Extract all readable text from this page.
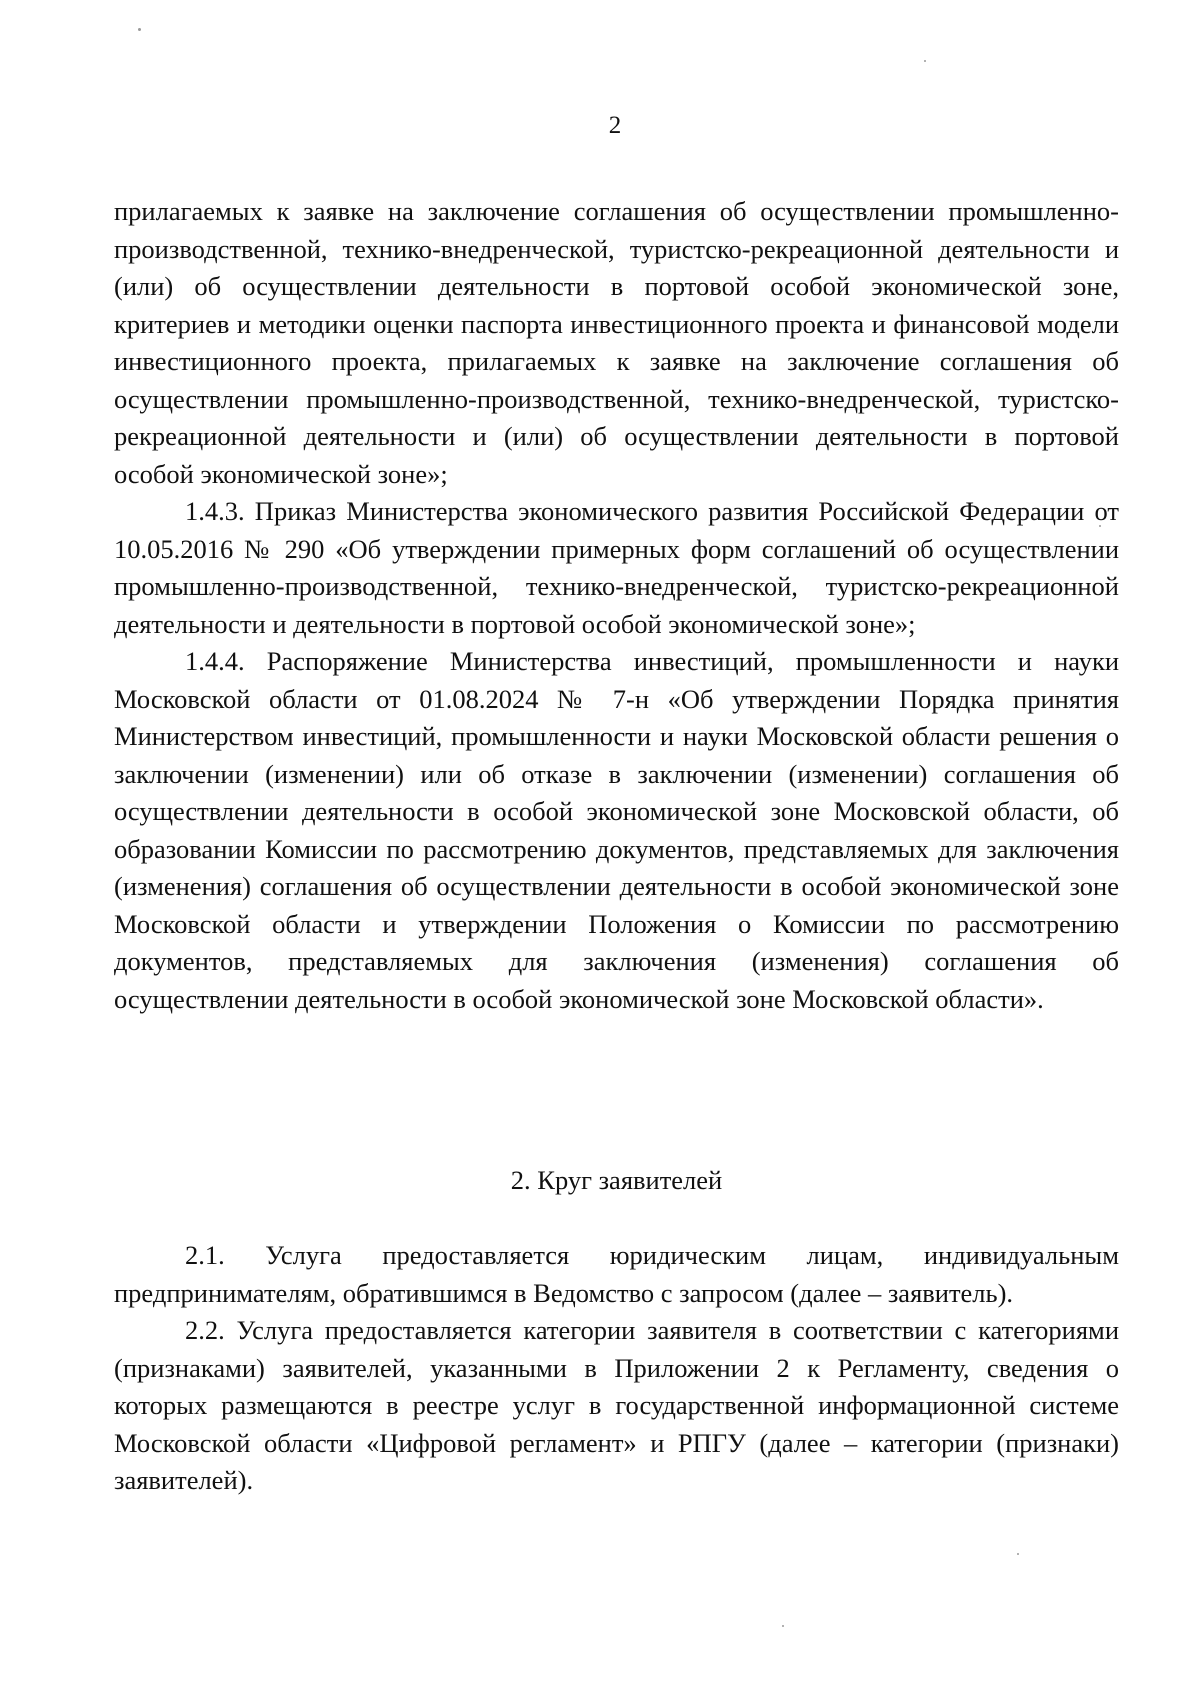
2

прилагаемых к заявке на заключение соглашения об осуществлении промышленно-производственной, технико-внедренческой, туристско-рекреационной деятельности и (или) об осуществлении деятельности в портовой особой экономической зоне, критериев и методики оценки паспорта инвестиционного проекта и финансовой модели инвестиционного проекта, прилагаемых к заявке на заключение соглашения об осуществлении промышленно-производственной, технико-внедренческой, туристско-рекреационной деятельности и (или) об осуществлении деятельности в портовой особой экономической зоне»;

1.4.3. Приказ Министерства экономического развития Российской Федерации от 10.05.2016 № 290 «Об утверждении примерных форм соглашений об осуществлении промышленно-производственной, технико-внедренческой, туристско-рекреационной деятельности и деятельности в портовой особой экономической зоне»;

1.4.4. Распоряжение Министерства инвестиций, промышленности и науки Московской области от 01.08.2024 № 7-н «Об утверждении Порядка принятия Министерством инвестиций, промышленности и науки Московской области решения о заключении (изменении) или об отказе в заключении (изменении) соглашения об осуществлении деятельности в особой экономической зоне Московской области, об образовании Комиссии по рассмотрению документов, представляемых для заключения (изменения) соглашения об осуществлении деятельности в особой экономической зоне Московской области и утверждении Положения о Комиссии по рассмотрению документов, представляемых для заключения (изменения) соглашения об осуществлении деятельности в особой экономической зоне Московской области».

2. Круг заявителей

2.1. Услуга предоставляется юридическим лицам, индивидуальным предпринимателям, обратившимся в Ведомство с запросом (далее – заявитель).

2.2. Услуга предоставляется категории заявителя в соответствии с категориями (признаками) заявителей, указанными в Приложении 2 к Регламенту, сведения о которых размещаются в реестре услуг в государственной информационной системе Московской области «Цифровой регламент» и РПГУ (далее – категории (признаки) заявителей).
